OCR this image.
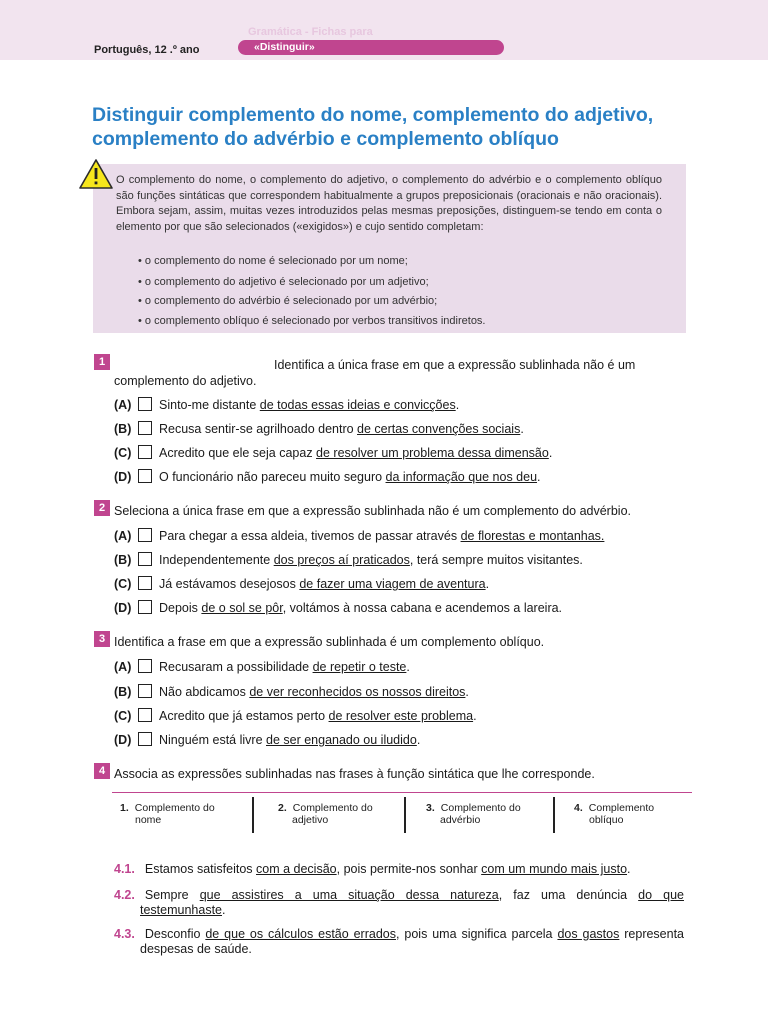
Gramática - Fichas para
Português, 12 .º ano	«Distinguir»
Distinguir complemento do nome, complemento do adjetivo, complemento do advérbio e complemento oblíquo
O complemento do nome, o complemento do adjetivo, o complemento do advérbio e o complemento oblíquo são funções sintáticas que correspondem habitualmente a grupos preposicionais (oracionais e não oracionais). Embora sejam, assim, muitas vezes introduzidos pelas mesmas preposições, distinguem-se tendo em conta o elemento por que são selecionados («exigidos») e cujo sentido completam:
• o complemento do nome é selecionado por um nome;
• o complemento do adjetivo é selecionado por um adjetivo;
• o complemento do advérbio é selecionado por um advérbio;
• o complemento oblíquo é selecionado por verbos transitivos indiretos.
1	Identifica a única frase em que a expressão sublinhada não é um
complemento do adjetivo.
(A) Sinto-me distante de todas essas ideias e convicções.
(B) Recusa sentir-se agrilhoado dentro de certas convenções sociais.
(C) Acredito que ele seja capaz de resolver um problema dessa dimensão.
(D) O funcionário não pareceu muito seguro da informação que nos deu.
2 Seleciona a única frase em que a expressão sublinhada não é um complemento do advérbio.
(A) Para chegar a essa aldeia, tivemos de passar através de florestas e montanhas.
(B) Independentemente dos preços aí praticados, terá sempre muitos visitantes.
(C) Já estávamos desejosos de fazer uma viagem de aventura.
(D) Depois de o sol se pôr, voltámos à nossa cabana e acendemos a lareira.
3 Identifica a frase em que a expressão sublinhada é um complemento oblíquo.
(A) Recusaram a possibilidade de repetir o teste.
(B) Não abdicamos de ver reconhecidos os nossos direitos.
(C) Acredito que já estamos perto de resolver este problema.
(D) Ninguém está livre de ser enganado ou iludido.
4 Associa as expressões sublinhadas nas frases à função sintática que lhe corresponde.
1. Complemento do
nome
2. Complemento do
adjetivo
3. Complemento do
advérbio
4. Complemento
oblíquo
4.1. Estamos satisfeitos com a decisão, pois permite-nos sonhar com um mundo mais justo.
4.2. Sempre que assistires a uma situação dessa natureza, faz uma denúncia do que
testemunhaste.
4.3. Desconfio de que os cálculos estão errados, pois uma significa parcela dos gastos representa
despesas de saúde.
